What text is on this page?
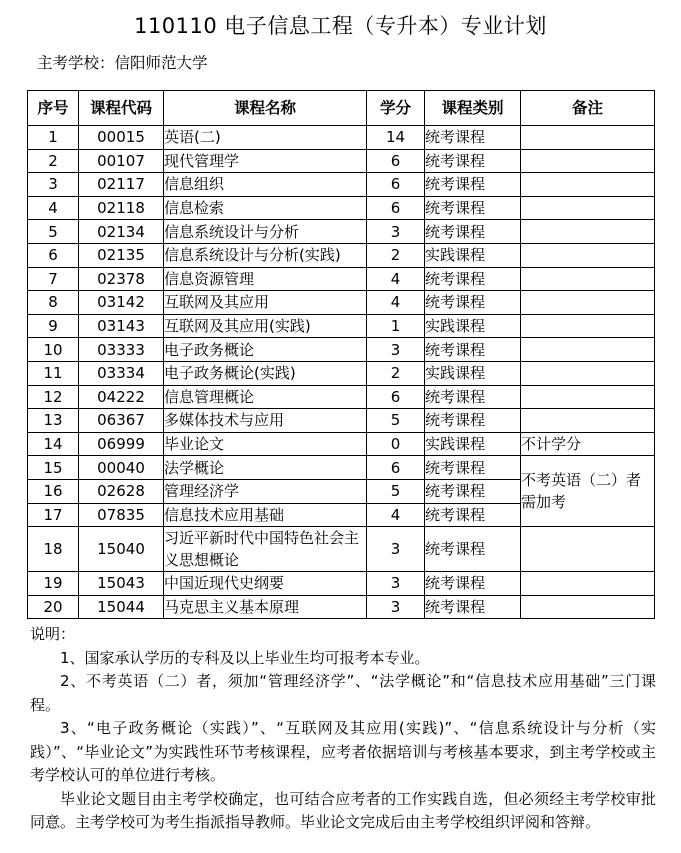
110110 电子信息工程（专升本）专业计划
主考学校：信阳师范大学
序号	课程代码	课程名称	学分	课程类别	备注
1	00015	英语(二)	14	统考课程	
2	00107	现代管理学	6	统考课程	
3	02117	信息组织	6	统考课程	
4	02118	信息检索	6	统考课程	
5	02134	信息系统设计与分析	3	统考课程	
6	02135	信息系统设计与分析(实践)	2	实践课程	
7	02378	信息资源管理	4	统考课程	
8	03142	互联网及其应用	4	统考课程	
9	03143	互联网及其应用(实践)	1	实践课程	
10	03333	电子政务概论	3	统考课程	
11	03334	电子政务概论(实践)	2	实践课程	
12	04222	信息管理概论	6	统考课程	
13	06367	多媒体技术与应用	5	统考课程	
14	06999	毕业论文	0	实践课程	不计学分
15	00040	法学概论	6	统考课程	不考英语（二）者需加考
16	02628	管理经济学	5	统考课程	
17	07835	信息技术应用基础	4	统考课程	
18	15040	习近平新时代中国特色社会主义思想概论	3	统考课程	
19	15043	中国近现代史纲要	3	统考课程	
20	15044	马克思主义基本原理	3	统考课程	

说明：

1、国家承认学历的专科及以上毕业生均可报考本专业。

2、不考英语（二）者，须加“管理经济学”、“法学概论”和“信息技术应用基础”三门课程。

3、“电子政务概论（实践）”、“互联网及其应用(实践)”、“信息系统设计与分析（实践）”、“毕业论文”为实践性环节考核课程，应考者依据培训与考核基本要求，到主考学校或主考学校认可的单位进行考核。

毕业论文题目由主考学校确定，也可结合应考者的工作实践自选，但必须经主考学校审批同意。主考学校可为考生指派指导教师。毕业论文完成后由主考学校组织评阅和答辩。
